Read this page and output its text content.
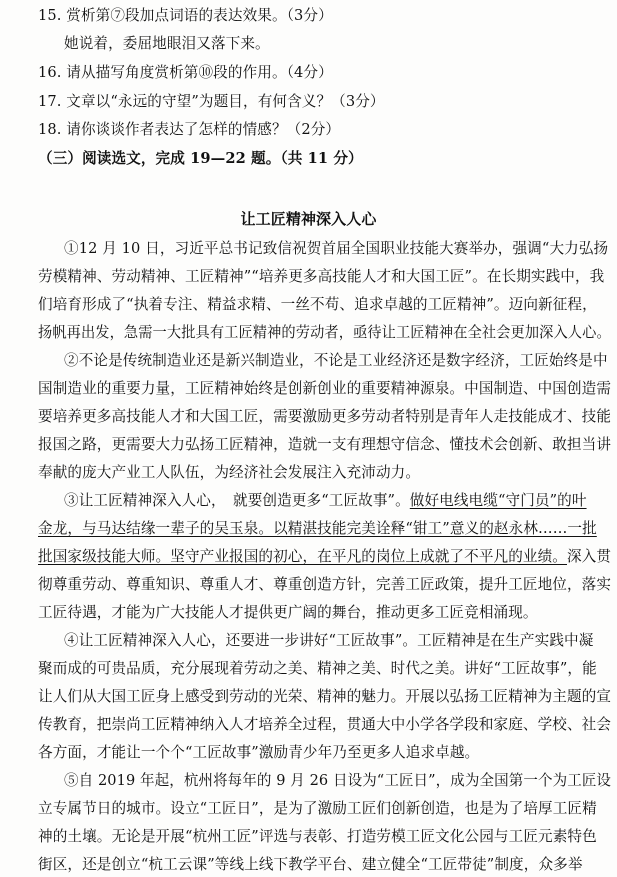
15. 赏析第⑦段加点词语的表达效果。（3分）
她说着，委屈地眼泪又落下来。
16. 请从描写角度赏析第⑩段的作用。（4分）
17. 文章以“永远的守望”为题目，有何含义？（3分）
18. 请你谈谈作者表达了怎样的情感？（2分）
（三）阅读选文，完成 19—22 题。（共 11 分）
让工匠精神深入人心
①12 月 10 日，习近平总书记致信祝贺首届全国职业技能大赛举办，强调“大力弘扬
劳模精神、劳动精神、工匠精神”“培养更多高技能人才和大国工匠”。在长期实践中，我
们培育形成了“执着专注、精益求精、一丝不苟、追求卓越的工匠精神”。迈向新征程，
扬帆再出发，急需一大批具有工匠精神的劳动者，亟待让工匠精神在全社会更加深入人心。
②不论是传统制造业还是新兴制造业，不论是工业经济还是数字经济，工匠始终是中
国制造业的重要力量，工匠精神始终是创新创业的重要精神源泉。中国制造、中国创造需
要培养更多高技能人才和大国工匠，需要激励更多劳动者特别是青年人走技能成才、技能
报国之路，更需要大力弘扬工匠精神，造就一支有理想守信念、懂技术会创新、敢担当讲
奉献的庞大产业工人队伍，为经济社会发展注入充沛动力。
③让工匠精神深入人心，　就要创造更多“工匠故事”。做好电线电缆“守门员”的叶
金龙，与马达结缘一辈子的吴玉泉。以精湛技能完美诠释“钳工”意义的赵永林……一批
批国家级技能大师。坚守产业报国的初心，在平凡的岗位上成就了不平凡的业绩。深入贯
彻尊重劳动、尊重知识、尊重人才、尊重创造方针，完善工匠政策，提升工匠地位，落实
工匠待遇，才能为广大技能人才提供更广阔的舞台，推动更多工匠竞相涌现。
④让工匠精神深入人心，还要进一步讲好“工匠故事”。工匠精神是在生产实践中凝
聚而成的可贵品质，充分展现着劳动之美、精神之美、时代之美。讲好“工匠故事”，能
让人们从大国工匠身上感受到劳动的光荣、精神的魅力。开展以弘扬工匠精神为主题的宣
传教育，把崇尚工匠精神纳入人才培养全过程，贯通大中小学各学段和家庭、学校、社会
各方面，才能让一个个“工匠故事”激励青少年乃至更多人追求卓越。
⑤自 2019 年起，杭州将每年的 9 月 26 日设为“工匠日”，成为全国第一个为工匠设
立专属节日的城市。设立“工匠日”，是为了激励工匠们创新创造，也是为了培厚工匠精
神的土壤。无论是开展“杭州工匠”评选与表彰、打造劳模工匠文化公园与工匠元素特色
街区，还是创立“杭工云课”等线上线下教学平台、建立健全“工匠带徒”制度，众多举
